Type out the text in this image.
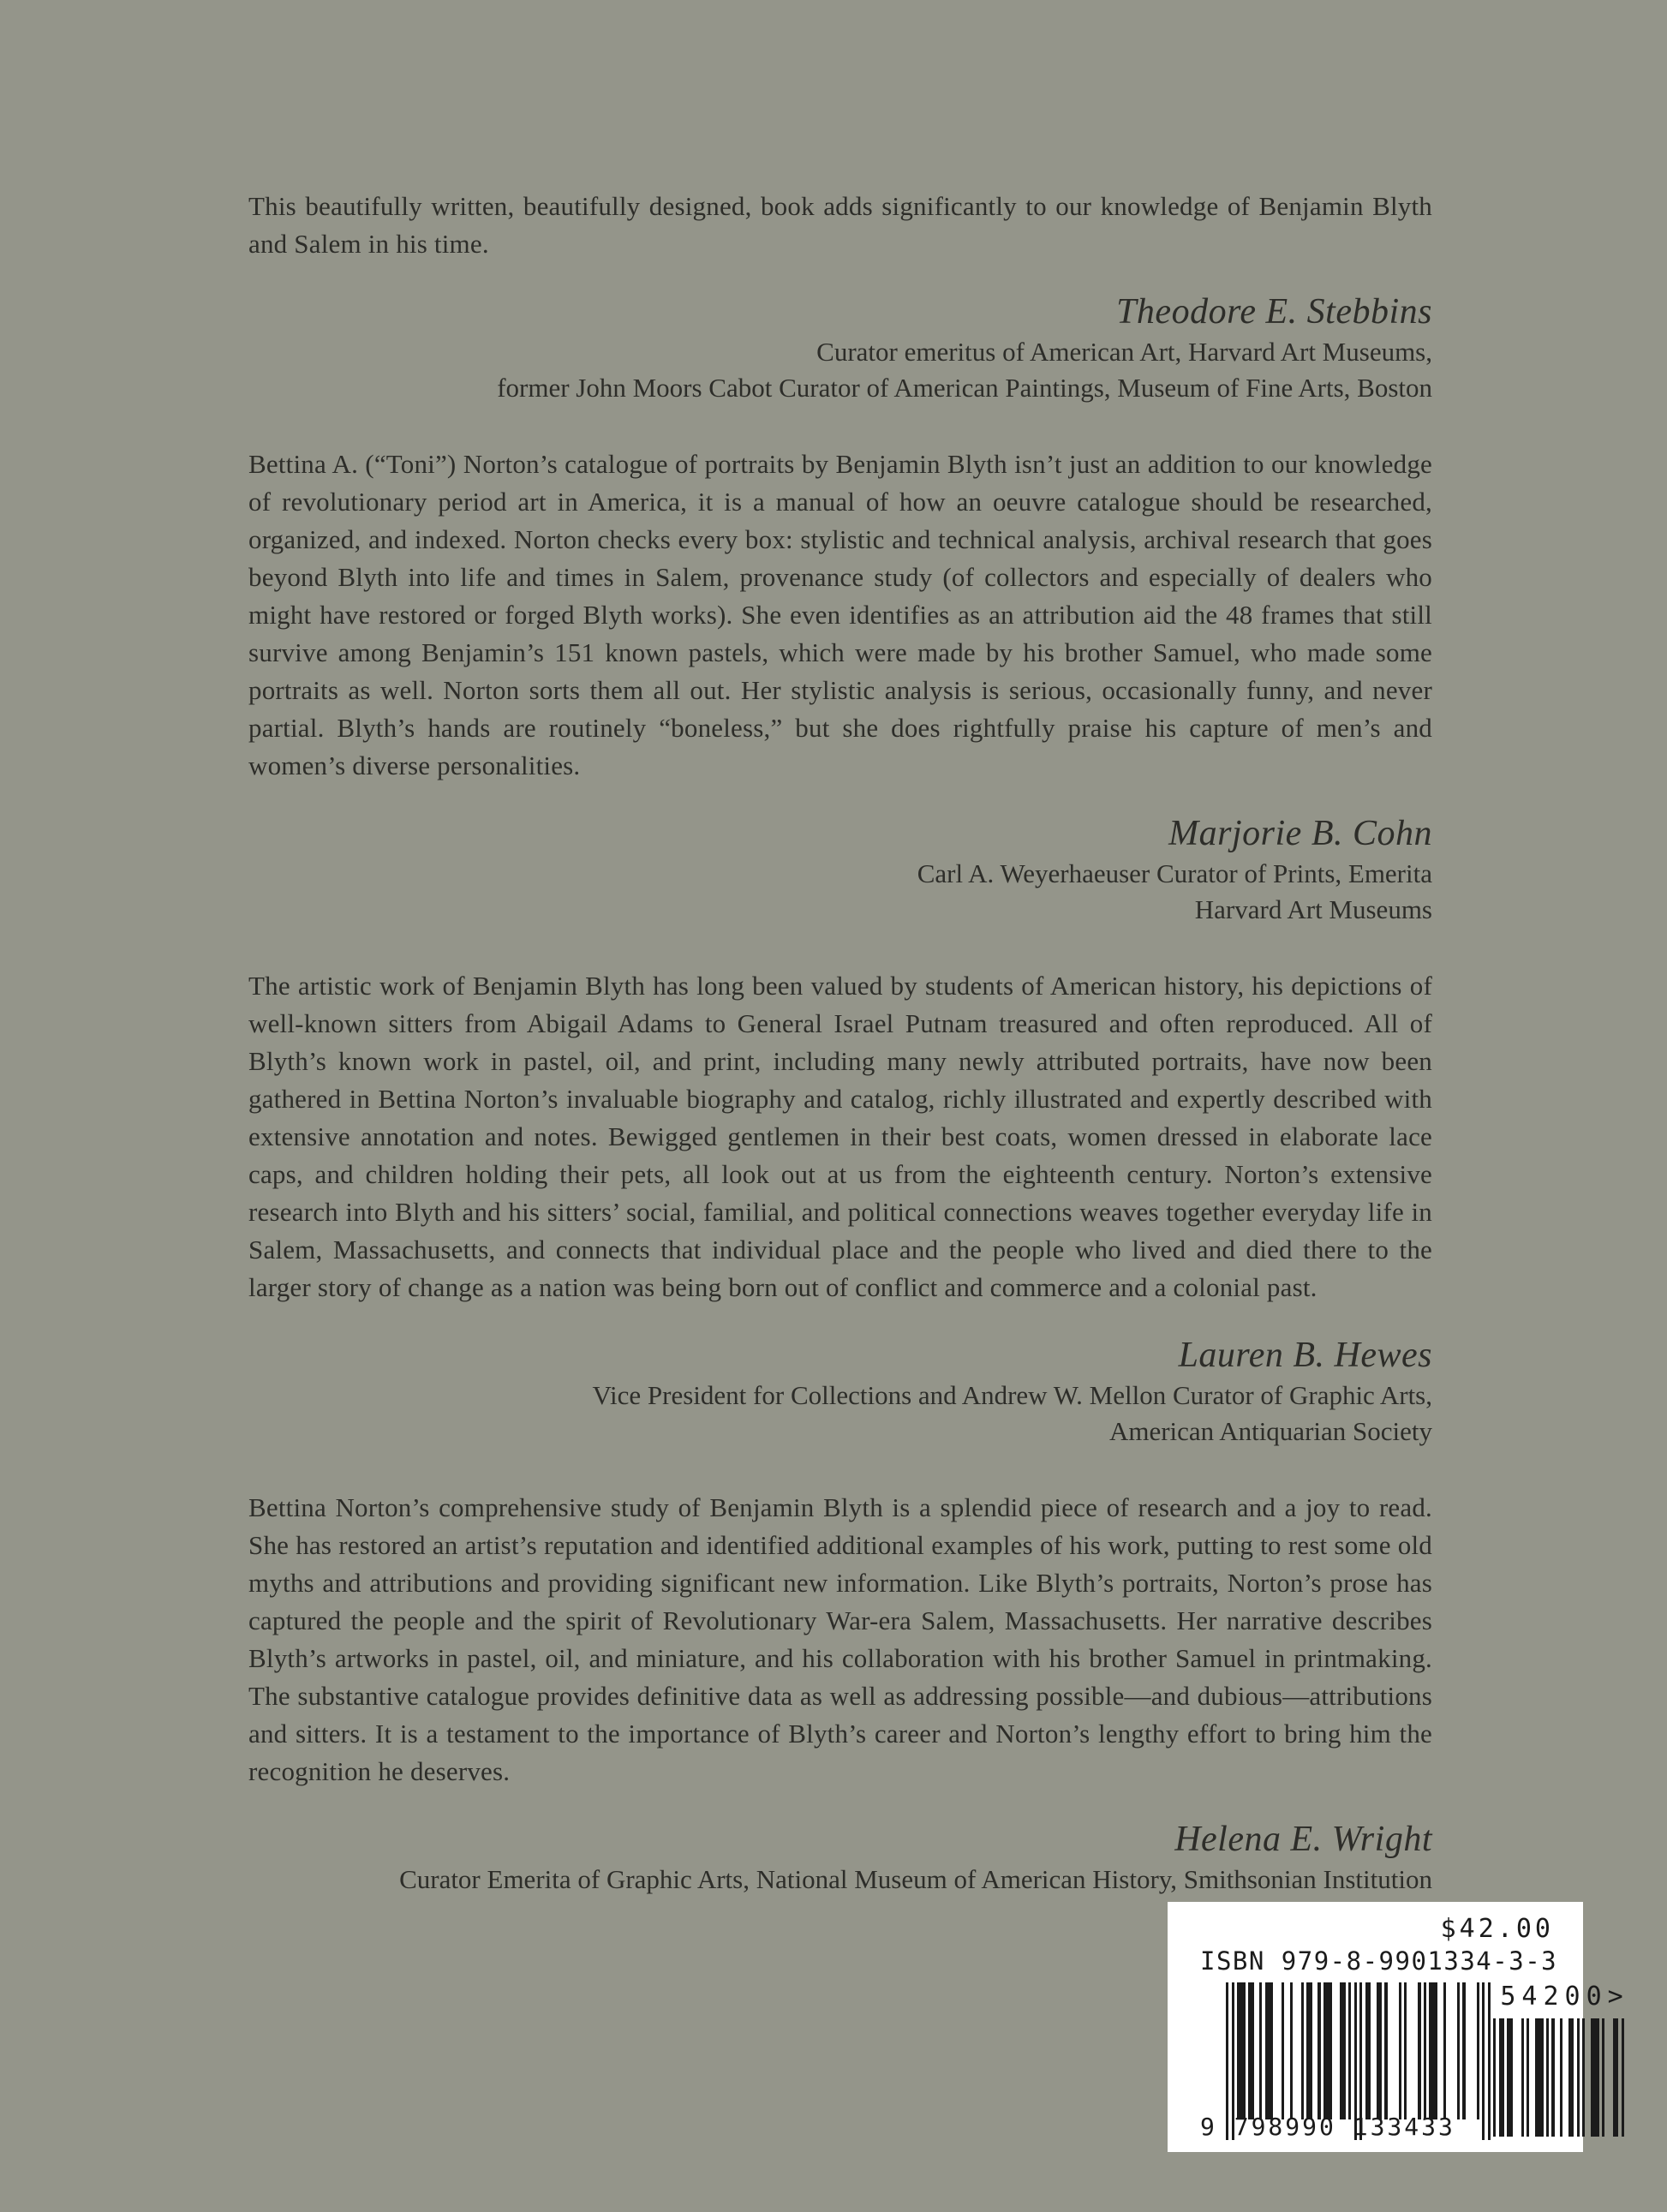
This beautifully written, beautifully designed, book adds significantly to our knowledge of Benjamin Blyth and Salem in his time.

Theodore E. Stebbins
Curator emeritus of American Art, Harvard Art Museums,
former John Moors Cabot Curator of American Paintings, Museum of Fine Arts, Boston

Bettina A. (“Toni”) Norton’s catalogue of portraits by Benjamin Blyth isn’t just an addition to our knowledge of revolutionary period art in America, it is a manual of how an oeuvre catalogue should be researched, organized, and indexed. Norton checks every box: stylistic and technical analysis, archival research that goes beyond Blyth into life and times in Salem, provenance study (of collectors and especially of dealers who might have restored or forged Blyth works). She even identifies as an attribution aid the 48 frames that still survive among Benjamin’s 151 known pastels, which were made by his brother Samuel, who made some portraits as well. Norton sorts them all out. Her stylistic analysis is serious, occasionally funny, and never partial. Blyth’s hands are routinely “boneless,” but she does rightfully praise his capture of men’s and women’s diverse personalities.

Marjorie B. Cohn
Carl A. Weyerhaeuser Curator of Prints, Emerita
Harvard Art Museums

The artistic work of Benjamin Blyth has long been valued by students of American history, his depictions of well-known sitters from Abigail Adams to General Israel Putnam treasured and often reproduced. All of Blyth’s known work in pastel, oil, and print, including many newly attributed portraits, have now been gathered in Bettina Norton’s invaluable biography and catalog, richly illustrated and expertly described with extensive annotation and notes. Bewigged gentlemen in their best coats, women dressed in elaborate lace caps, and children holding their pets, all look out at us from the eighteenth century. Norton’s extensive research into Blyth and his sitters’ social, familial, and political connections weaves together everyday life in Salem, Massachusetts, and connects that individual place and the people who lived and died there to the larger story of change as a nation was being born out of conflict and commerce and a colonial past.

Lauren B. Hewes
Vice President for Collections and Andrew W. Mellon Curator of Graphic Arts,
American Antiquarian Society

Bettina Norton’s comprehensive study of Benjamin Blyth is a splendid piece of research and a joy to read. She has restored an artist’s reputation and identified additional examples of his work, putting to rest some old myths and attributions and providing significant new information. Like Blyth’s portraits, Norton’s prose has captured the people and the spirit of Revolutionary War-era Salem, Massachusetts. Her narrative describes Blyth’s artworks in pastel, oil, and miniature, and his collaboration with his brother Samuel in printmaking. The substantive catalogue provides definitive data as well as addressing possible—and dubious—attributions and sitters. It is a testament to the importance of Blyth’s career and Norton’s lengthy effort to bring him the recognition he deserves.

Helena E. Wright
Curator Emerita of Graphic Arts, National Museum of American History, Smithsonian Institution
$42.00
ISBN 979-8-9901334-3-3
9 798990 133433
54200>
